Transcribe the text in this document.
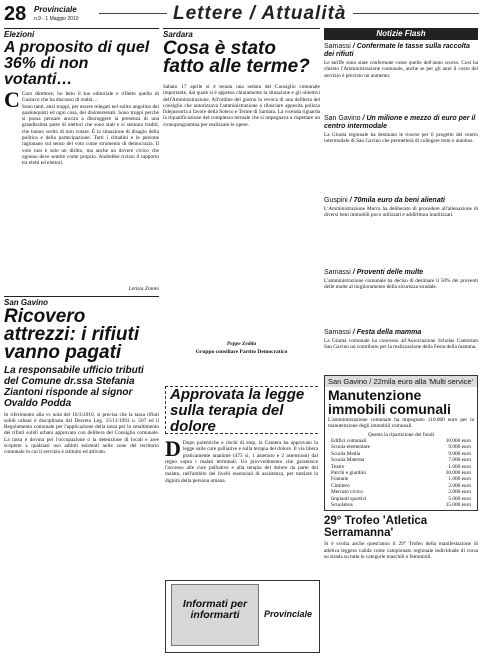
28 Provinciale
n.9 - 1 Maggio 2010	Lettere / Attualità
Elezioni
A proposito di quel 36% di non votanti…
C Caro direttore, ho letto il tuo editoriale e rifletto quello di Gustavo che ha discusso di realtà…
Sono tanti, anzi troppi, per essere relegati nel solito angolino dei qualunquisti ed ogni cosa, dei disinteressati. Sono troppi perché si possa pensare ancora a distruggere la presenza di una grandissima parte di elettori che sono stati e si sentono traditi, che hanno scelto di non votare. È la situazione di disagio della politica e della partecipazione. Tutti i cittadini e le persone ragionano sul senso del voto come strumento di democrazia. Il voto non è solo un diritto, ma anche un dovere civico che ognuno deve sentire come proprio. Andrebbe rivisto il rapporto tra eletti ed elettori.
Letizia Zimmi
San Gavino
Ricovero attrezzi: i rifiuti vanno pagati
La responsabile ufficio tributi del Comune dr.ssa Stefania Ziantoni risponde al signor Ovaldo Podda
In riferimento alla vs nota del 16/3/2010, si precisa che la tassa rifiuti solidi urbani è disciplinata dal Decreto Leg. 15/11/1993 n. 507 ed il Regolamento comunale per l'applicazione della tassa per lo smaltimento dei rifiuti solidi urbani approvato con delibera del Consiglio comunale. La tassa è dovuta per l'occupazione o la detenzione di locali e aree scoperte a qualsiasi uso adibiti esistenti nelle zone del territorio comunale in cui il servizio è istituito ed attivato.
Sardara
Cosa è stato fatto alle terme?
Sabato 17 aprile si è tenuta una seduta del Consiglio comunale importante, dal quale si è appreso chiaramente la situazione e gli obiettivi dell'Amministrazione. All'ordine del giorno la revoca di una delibera del consiglio che autorizzava l'amministrazione a rilasciare apposita polizza fidejussoria a favore della Soteco e Terme di Sardara. La vicenda riguarda la riqualificazione del complesso termale che si impegnava a rispettare un cronoprogramma per realizzare le opere.
Peppe Zedda
Gruppo consiliare Partito Democratico
Approvata la legge sulla terapia del dolore
D Dopo polemiche e rischi di stop, la Camera ha approvato la legge sulle cure palliative e sulla terapia del dolore. Il via libera praticamente unanime (475 sì, 1 astenuto e 2 astensioni) dal regno sopra i malati terminali. Un provvedimento che garantisce l'accesso alle cure palliative e alla terapia del dolore da parte del malato, nell'ambito dei livelli essenziali di assistenza, per tutelare la dignità della persona umana.
Informati per informarti	Provinciale
Notizie Flash
Samassi / Confermate le tasse sulla raccolta dei rifiuti
Le tariffe sono state confermate come quelle dell'anno scorso. Così ha chiesto l'Amministrazione comunale, anche se per gli anni il costo del servizio è previsto un aumento.
San Gavino / Un milione e mezzo di euro per il centro intermodale
La Giunta regionale ha destinato le risorse per il progetto del centro intermodale di San Gavino che permetterà di collegare treni e autobus.
Guspini / 70mila euro da beni alienati
L'Amministrazione Murru ha deliberato di procedere all'alienazione di diversi beni immobili poco utilizzati e addirittura inutilizzati.
Samassi / Proventi delle multe
L'amministrazione comunale ha deciso di destinare il 50% dei proventi delle multe al miglioramento della sicurezza stradale.
Samassi / Festa della mamma
La Giunta comunale ha concesso all'Associazione Scholas Cantorum San Gavino un contributo per la realizzazione della Festa della mamma.
San Gavino / 22mila euro alla 'Multi service'
Manutenzione immobili comunali
L'amministrazione comunale ha impegnato 110.000 euro per la manutenzione degli immobili comunali.
Questa la ripartizione dei fondi
Edifici comunali	10.000 euro
Scuola elementare	9.000 euro
Scuola Media	9.000 euro
Scuola Materna	7.000 euro
Teatro	1.000 euro
Parchi e giardini	30.000 euro
Fontane	1.000 euro
Cimitero	2.000 euro
Mercato civico	2.000 euro
Impianti sportivi	5.000 euro
Scuolabus	15.000 euro
29° Trofeo 'Atletica Serramanna'
Si è svolta anche quest'anno il 29° Trofeo della manifestazione di atletica leggera valida come campionato regionale individuale di corsa su strada su tutte le categorie maschili e femminili.
